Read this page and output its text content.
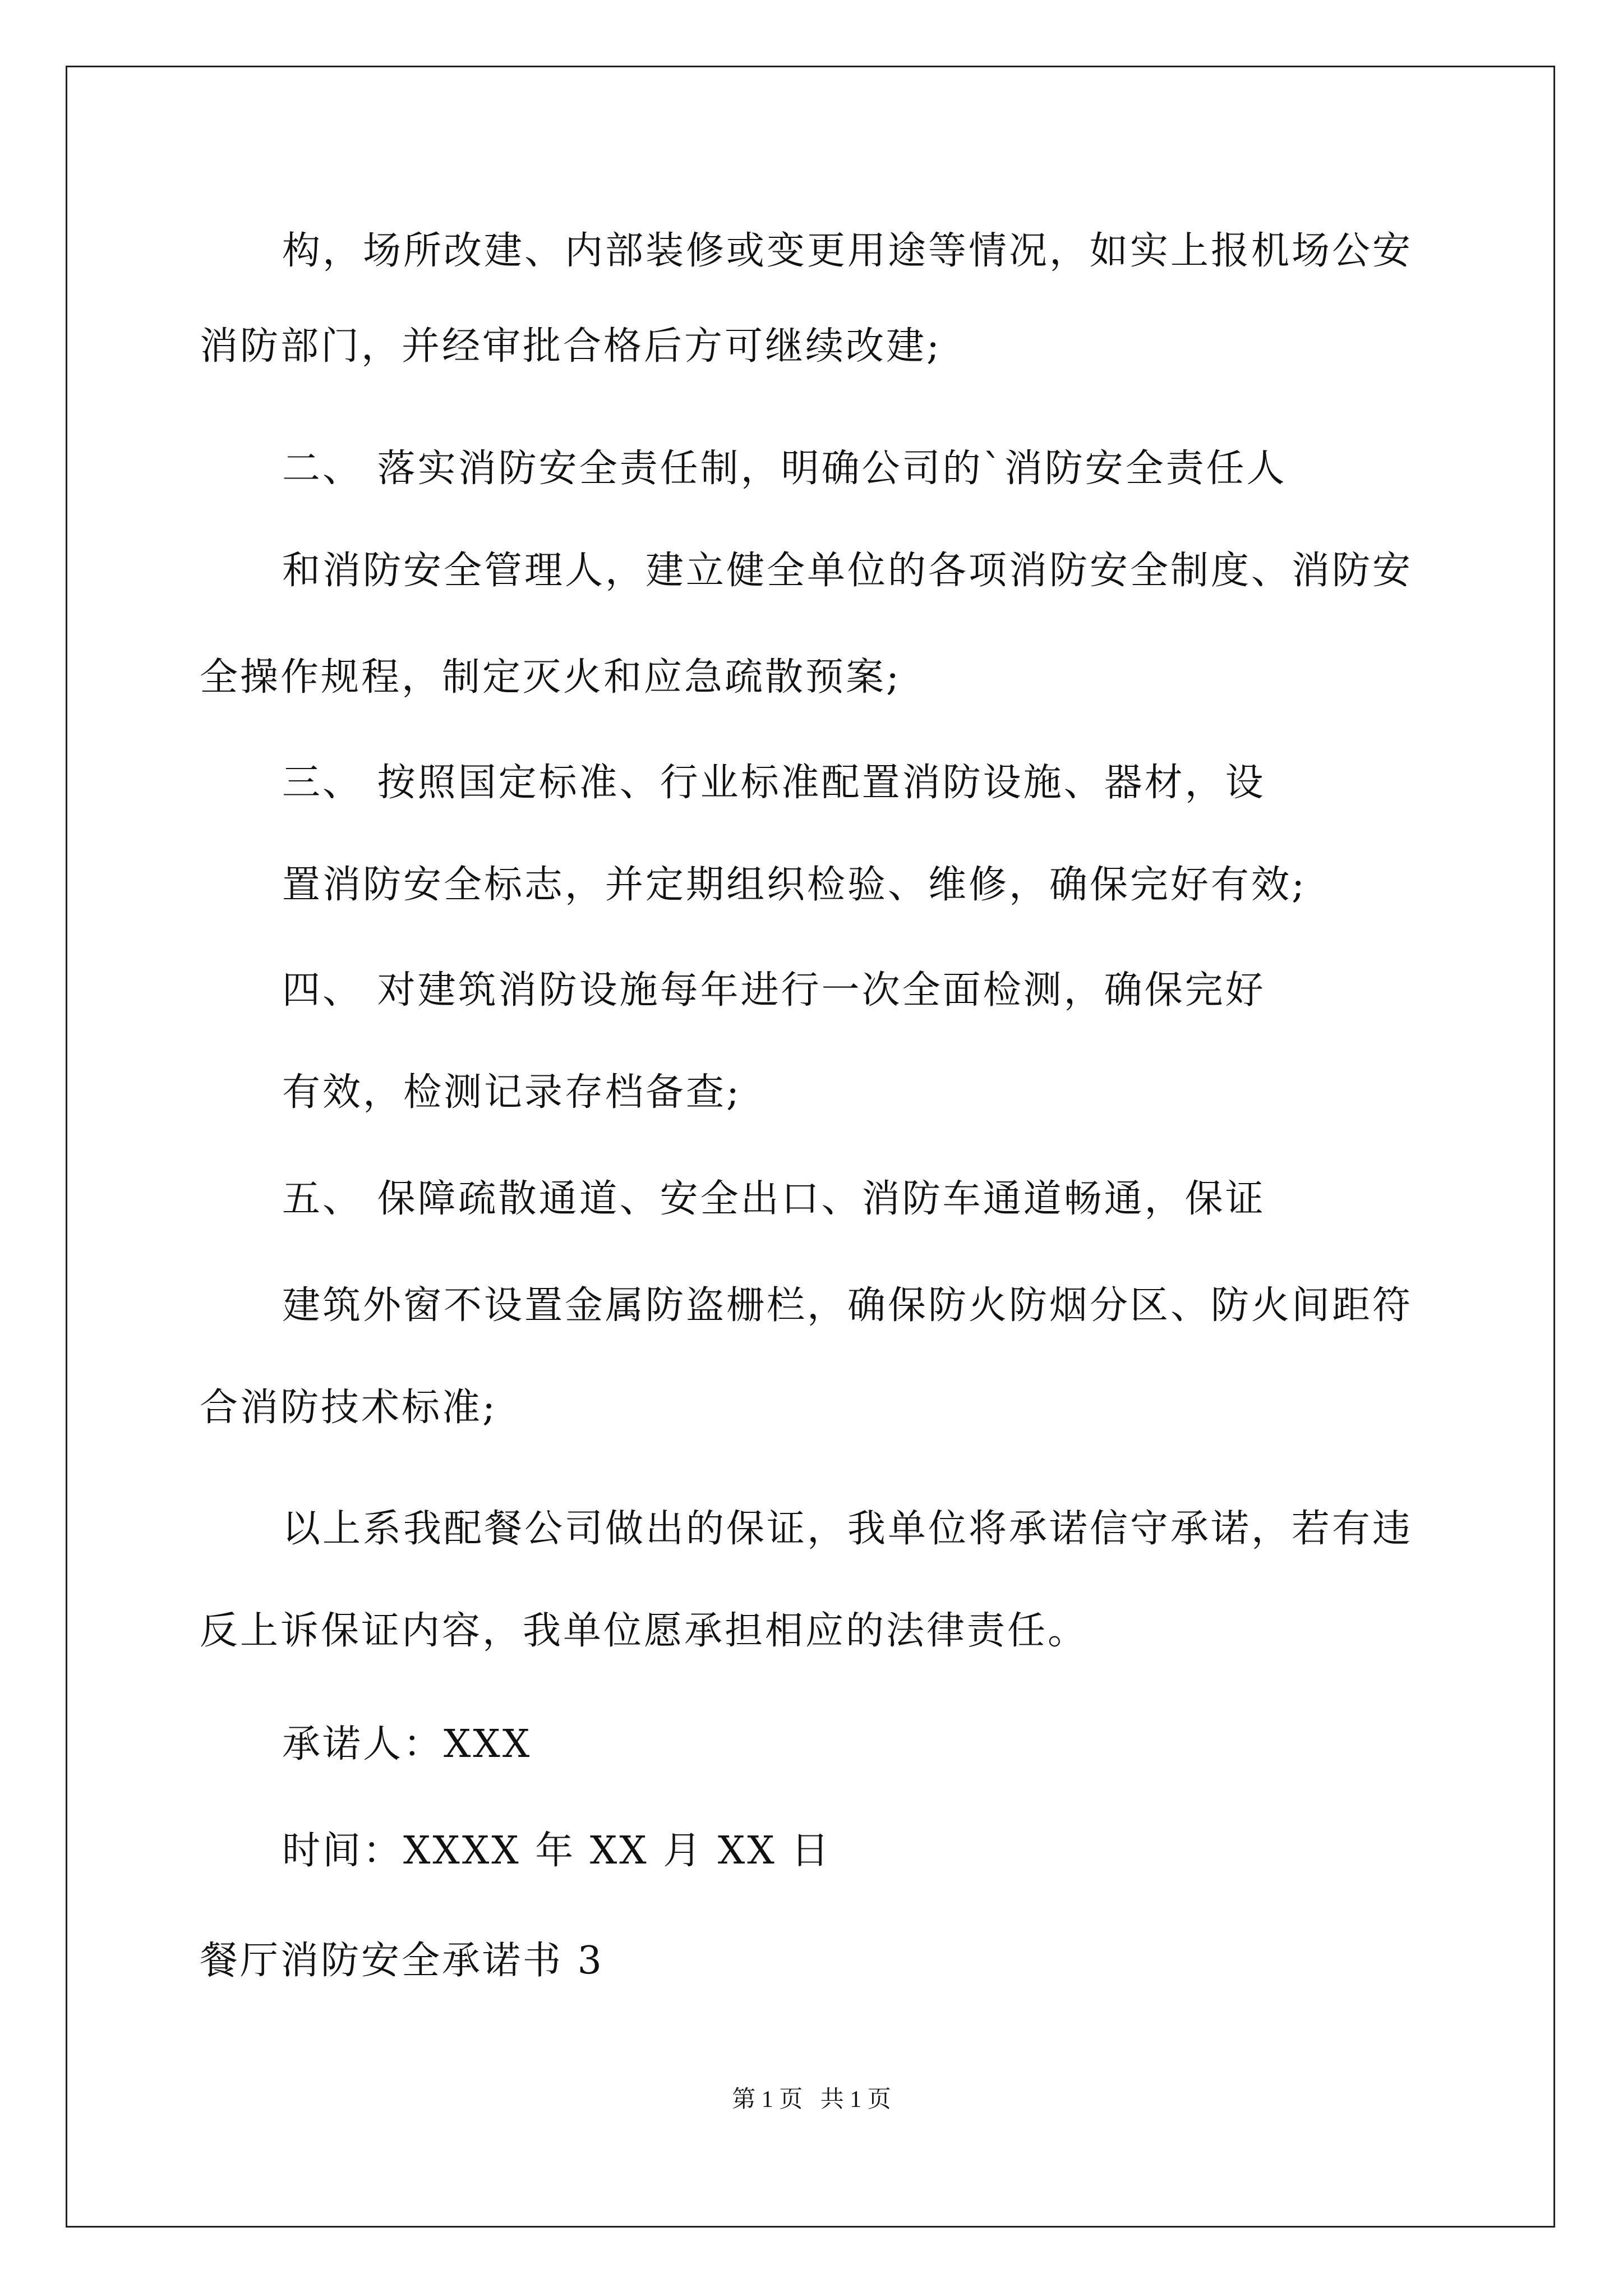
构，场所改建、内部装修或变更用途等情况，如实上报机场公安
消防部门，并经审批合格后方可继续改建;
二、 落实消防安全责任制，明确公司的`消防安全责任人
和消防安全管理人，建立健全单位的各项消防安全制度、消防安
全操作规程，制定灭火和应急疏散预案;
三、 按照国定标准、行业标准配置消防设施、器材，设
置消防安全标志，并定期组织检验、维修，确保完好有效;
四、 对建筑消防设施每年进行一次全面检测，确保完好
有效，检测记录存档备查;
五、 保障疏散通道、安全出口、消防车通道畅通，保证
建筑外窗不设置金属防盗栅栏，确保防火防烟分区、防火间距符
合消防技术标准;
以上系我配餐公司做出的保证，我单位将承诺信守承诺，若有违
反上诉保证内容，我单位愿承担相应的法律责任。
承诺人：XXX
时间：XXXX 年 XX 月 XX 日
餐厅消防安全承诺书 3
第 1 页   共 1 页
